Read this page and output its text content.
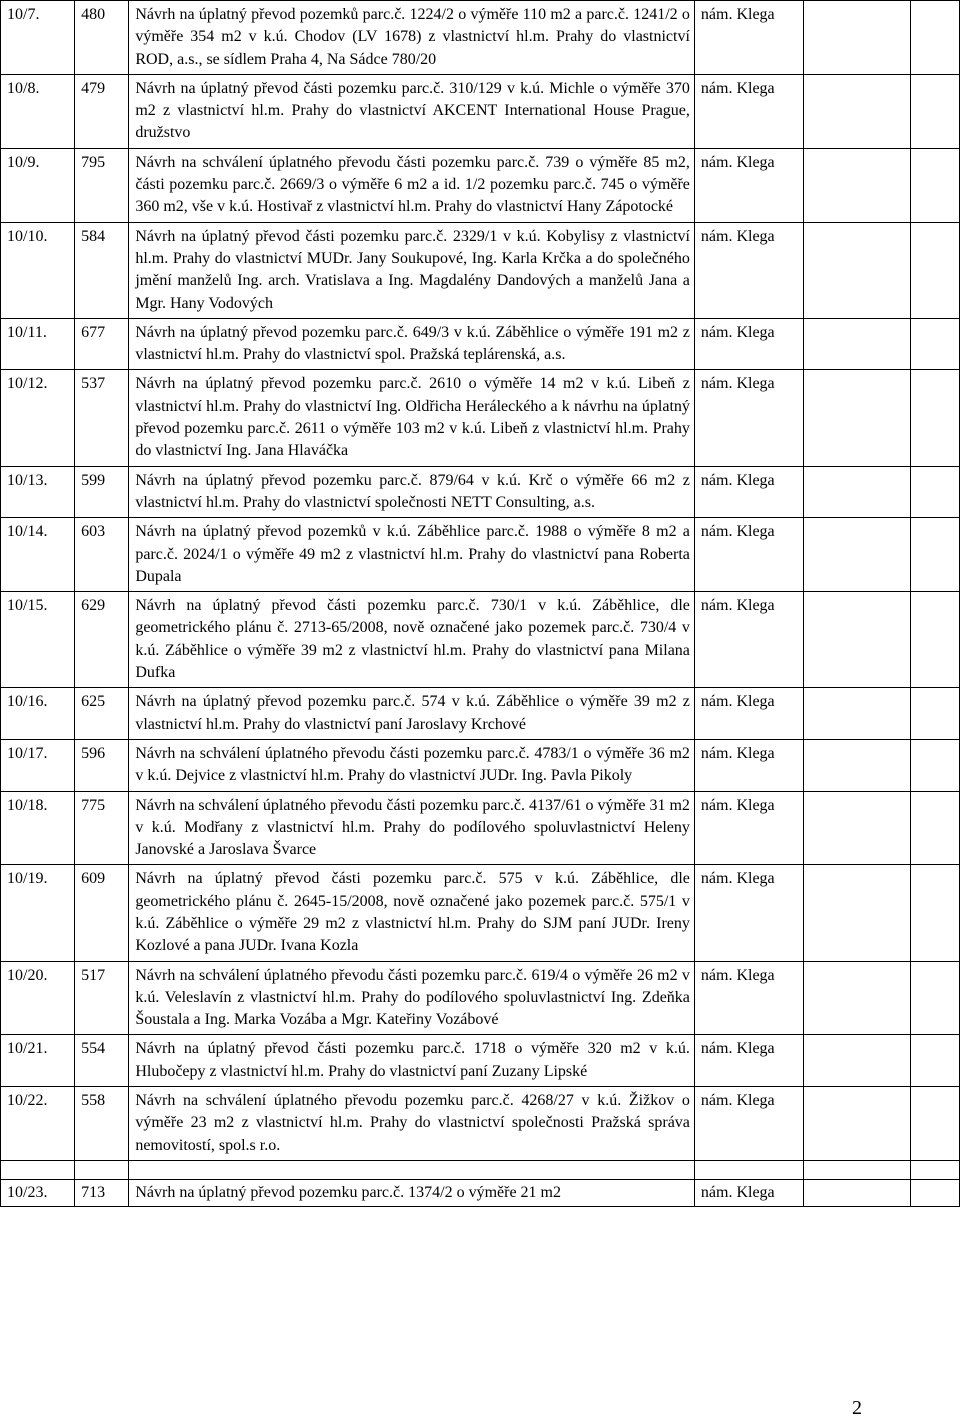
10/7.	480	Návrh na úplatný převod pozemků parc.č. 1224/2 o výměře 110 m2 a parc.č. 1241/2 o výměře 354 m2 v k.ú. Chodov (LV 1678) z vlastnictví hl.m. Prahy do vlastnictví ROD, a.s., se sídlem Praha 4, Na Sádce 780/20	nám. Klega		
10/8.	479	Návrh na úplatný převod části pozemku parc.č. 310/129 v k.ú. Michle o výměře 370 m2 z vlastnictví hl.m. Prahy do vlastnictví AKCENT International House Prague, družstvo	nám. Klega		
10/9.	795	Návrh na schválení úplatného převodu části pozemku parc.č. 739 o výměře 85 m2, části pozemku parc.č. 2669/3 o výměře 6 m2 a id. 1/2 pozemku parc.č. 745 o výměře 360 m2, vše v k.ú. Hostivař z vlastnictví hl.m. Prahy do vlastnictví Hany Zápotocké	nám. Klega		
10/10.	584	Návrh na úplatný převod části pozemku parc.č. 2329/1 v k.ú. Kobylisy z vlastnictví hl.m. Prahy do vlastnictví MUDr. Jany Soukupové, Ing. Karla Krčka a do společného jmění manželů Ing. arch. Vratislava a Ing. Magdalény Dandových a manželů Jana a Mgr. Hany Vodových	nám. Klega		
10/11.	677	Návrh na úplatný převod pozemku parc.č. 649/3 v k.ú. Záběhlice o výměře 191 m2 z vlastnictví hl.m. Prahy do vlastnictví spol. Pražská teplárenská, a.s.	nám. Klega		
10/12.	537	Návrh na úplatný převod pozemku parc.č. 2610 o výměře 14 m2 v k.ú. Libeň z vlastnictví hl.m. Prahy do vlastnictví Ing. Oldřicha Heráleckého a k návrhu na úplatný převod pozemku parc.č. 2611 o výměře 103 m2 v k.ú. Libeň z vlastnictví hl.m. Prahy do vlastnictví Ing. Jana Hlaváčka	nám. Klega		
10/13.	599	Návrh na úplatný převod pozemku parc.č. 879/64 v k.ú. Krč o výměře 66 m2 z vlastnictví hl.m. Prahy do vlastnictví společnosti NETT Consulting, a.s.	nám. Klega		
10/14.	603	Návrh na úplatný převod pozemků v k.ú. Záběhlice parc.č. 1988 o výměře 8 m2 a parc.č. 2024/1 o výměře 49 m2 z vlastnictví hl.m. Prahy do vlastnictví pana Roberta Dupala	nám. Klega		
10/15.	629	Návrh na úplatný převod části pozemku parc.č. 730/1 v k.ú. Záběhlice, dle geometrického plánu č. 2713-65/2008, nově označené jako pozemek parc.č. 730/4 v k.ú. Záběhlice o výměře 39 m2 z vlastnictví hl.m. Prahy do vlastnictví pana Milana Dufka	nám. Klega		
10/16.	625	Návrh na úplatný převod pozemku parc.č. 574 v k.ú. Záběhlice o výměře 39 m2 z vlastnictví hl.m. Prahy do vlastnictví paní Jaroslavy Krchové	nám. Klega		
10/17.	596	Návrh na schválení úplatného převodu části pozemku parc.č. 4783/1 o výměře 36 m2 v k.ú. Dejvice z vlastnictví hl.m. Prahy do vlastnictví JUDr. Ing. Pavla Pikoly	nám. Klega		
10/18.	775	Návrh na schválení úplatného převodu části pozemku parc.č. 4137/61 o výměře 31 m2 v k.ú. Modřany z vlastnictví hl.m. Prahy do podílového spoluvlastnictví Heleny Janovské a Jaroslava Švarce	nám. Klega		
10/19.	609	Návrh na úplatný převod části pozemku parc.č. 575 v k.ú. Záběhlice, dle geometrického plánu č. 2645-15/2008, nově označené jako pozemek parc.č. 575/1 v k.ú. Záběhlice o výměře 29 m2 z vlastnictví hl.m. Prahy do SJM paní JUDr. Ireny Kozlové a pana JUDr. Ivana Kozla	nám. Klega		
10/20.	517	Návrh na schválení úplatného převodu části pozemku parc.č. 619/4 o výměře 26 m2 v k.ú. Veleslavín z vlastnictví hl.m. Prahy do podílového spoluvlastnictví Ing. Zdeňka Šoustala a Ing. Marka Vozába a Mgr. Kateřiny Vozábové	nám. Klega		
10/21.	554	Návrh na úplatný převod části pozemku parc.č. 1718 o výměře 320 m2 v k.ú. Hlubočepy z vlastnictví hl.m. Prahy do vlastnictví paní Zuzany Lipské	nám. Klega		
10/22.	558	Návrh na schválení úplatného převodu pozemku parc.č. 4268/27 v k.ú. Žižkov o výměře 23 m2 z vlastnictví hl.m. Prahy do vlastnictví společnosti Pražská správa nemovitostí, spol.s r.o.	nám. Klega		

10/23.	713	Návrh na úplatný převod pozemku parc.č. 1374/2 o výměře 21 m2	nám. Klega		
2
